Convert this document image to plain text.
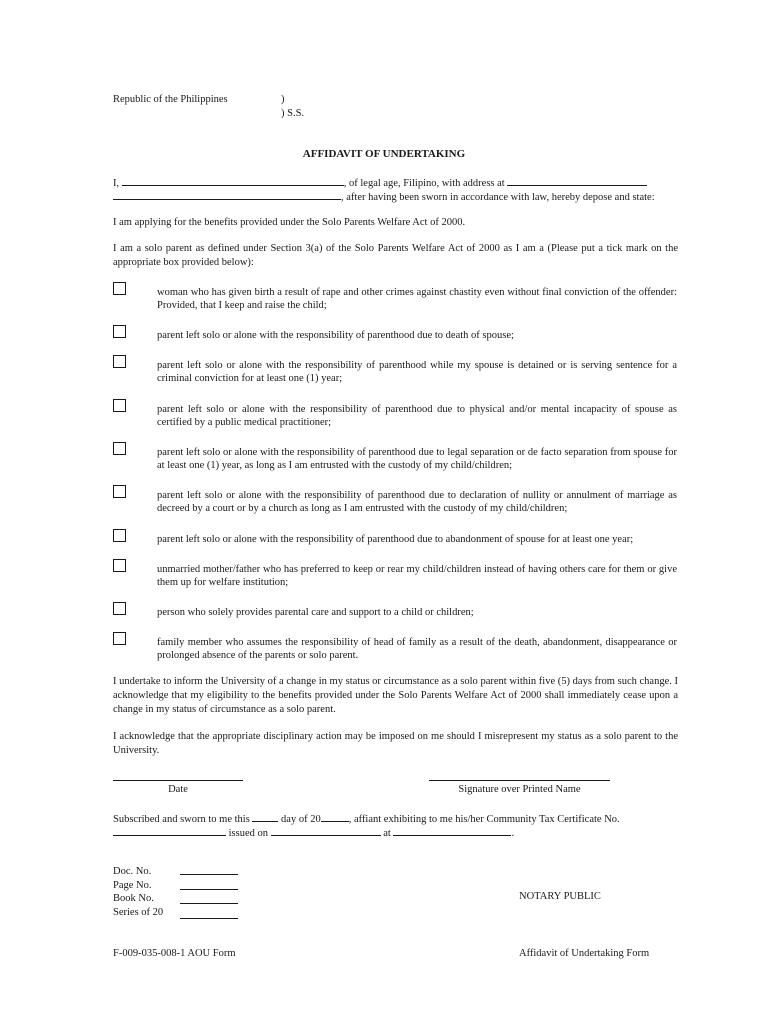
Republic of the Philippines	)
) S.S.
AFFIDAVIT OF UNDERTAKING
I,	, of legal age, Filipino, with address at
, after having been sworn in accordance with law, hereby depose and state:
I am applying for the benefits provided under the Solo Parents Welfare Act of 2000.
I am a solo parent as defined under Section 3(a) of the Solo Parents Welfare Act of 2000 as I am a (Please put a tick mark on the appropriate box provided below):
woman who has given birth a result of rape and other crimes against chastity even without final conviction of the offender: Provided, that I keep and raise the child;
parent left solo or alone with the responsibility of parenthood due to death of spouse;
parent left solo or alone with the responsibility of parenthood while my spouse is detained or is serving sentence for a criminal conviction for at least one (1) year;
parent left solo or alone with the responsibility of parenthood due to physical and/or mental incapacity of spouse as certified by a public medical practitioner;
parent left solo or alone with the responsibility of parenthood due to legal separation or de facto separation from spouse for at least one (1) year, as long as I am entrusted with the custody of my child/children;
parent left solo or alone with the responsibility of parenthood due to declaration of nullity or annulment of marriage as decreed by a court or by a church as long as I am entrusted with the custody of my child/children;
parent left solo or alone with the responsibility of parenthood due to abandonment of spouse for at least one year;
unmarried mother/father who has preferred to keep or rear my child/children instead of having others care for them or give them up for welfare institution;
person who solely provides parental care and support to a child or children;
family member who assumes the responsibility of head of family as a result of the death, abandonment, disappearance or prolonged absence of the parents or solo parent.
I undertake to inform the University of a change in my status or circumstance as a solo parent within five (5) days from such change. I acknowledge that my eligibility to the benefits provided under the Solo Parents Welfare Act of 2000 shall immediately cease upon a change in my status of circumstance as a solo parent.
I acknowledge that the appropriate disciplinary action may be imposed on me should I misrepresent my status as a solo parent to the University.
Date	Signature over Printed Name
Subscribed and sworn to me this	day of 20	, affiant exhibiting to me his/her Community Tax Certificate No.
issued on	at	.
Doc. No.
Page No.
Book No.
Series of 20
NOTARY PUBLIC
F-009-035-008-1 AOU Form	Affidavit of Undertaking Form
